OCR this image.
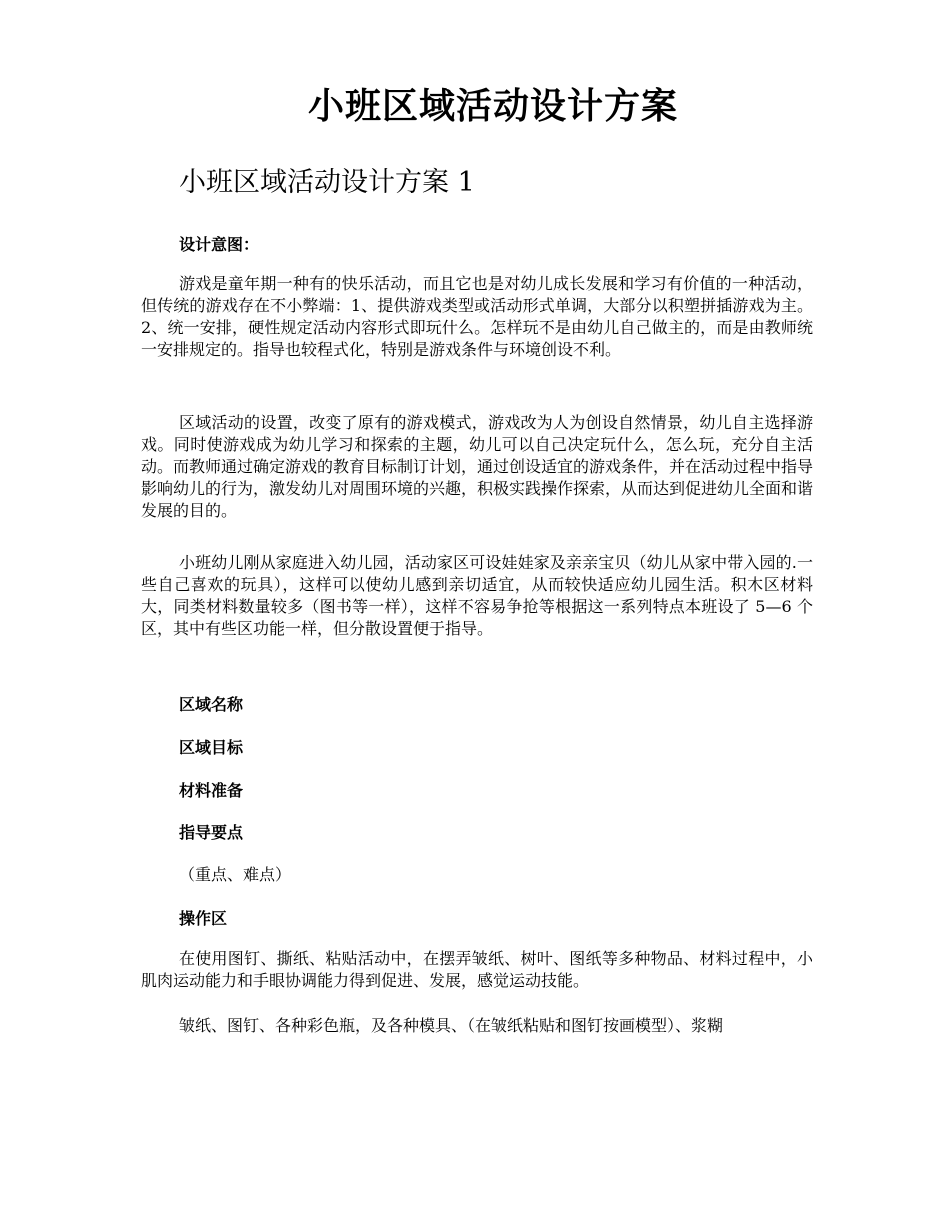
小班区域活动设计方案
小班区域活动设计方案 1

设计意图：

游戏是童年期一种有的快乐活动，而且它也是对幼儿成长发展和学习有价值的一种活动，但传统的游戏存在不小弊端：1、提供游戏类型或活动形式单调，大部分以积塑拼插游戏为主。2、统一安排，硬性规定活动内容形式即玩什么。怎样玩不是由幼儿自己做主的，而是由教师统一安排规定的。指导也较程式化，特别是游戏条件与环境创设不利。

区域活动的设置，改变了原有的游戏模式，游戏改为人为创设自然情景，幼儿自主选择游戏。同时使游戏成为幼儿学习和探索的主题，幼儿可以自己决定玩什么，怎么玩，充分自主活动。而教师通过确定游戏的教育目标制订计划，通过创设适宜的游戏条件，并在活动过程中指导影响幼儿的行为，激发幼儿对周围环境的兴趣，积极实践操作探索，从而达到促进幼儿全面和谐发展的目的。

小班幼儿刚从家庭进入幼儿园，活动家区可设娃娃家及亲亲宝贝（幼儿从家中带入园的.一些自己喜欢的玩具），这样可以使幼儿感到亲切适宜，从而较快适应幼儿园生活。积木区材料大，同类材料数量较多（图书等一样），这样不容易争抢等根据这一系列特点本班设了 5—6 个区，其中有些区功能一样，但分散设置便于指导。

区域名称

区域目标

材料准备

指导要点

（重点、难点）

操作区

在使用图钉、撕纸、粘贴活动中，在摆弄皱纸、树叶、图纸等多种物品、材料过程中，小肌肉运动能力和手眼协调能力得到促进、发展，感觉运动技能。

皱纸、图钉、各种彩色瓶，及各种模具、（在皱纸粘贴和图钉按画模型）、浆糊
